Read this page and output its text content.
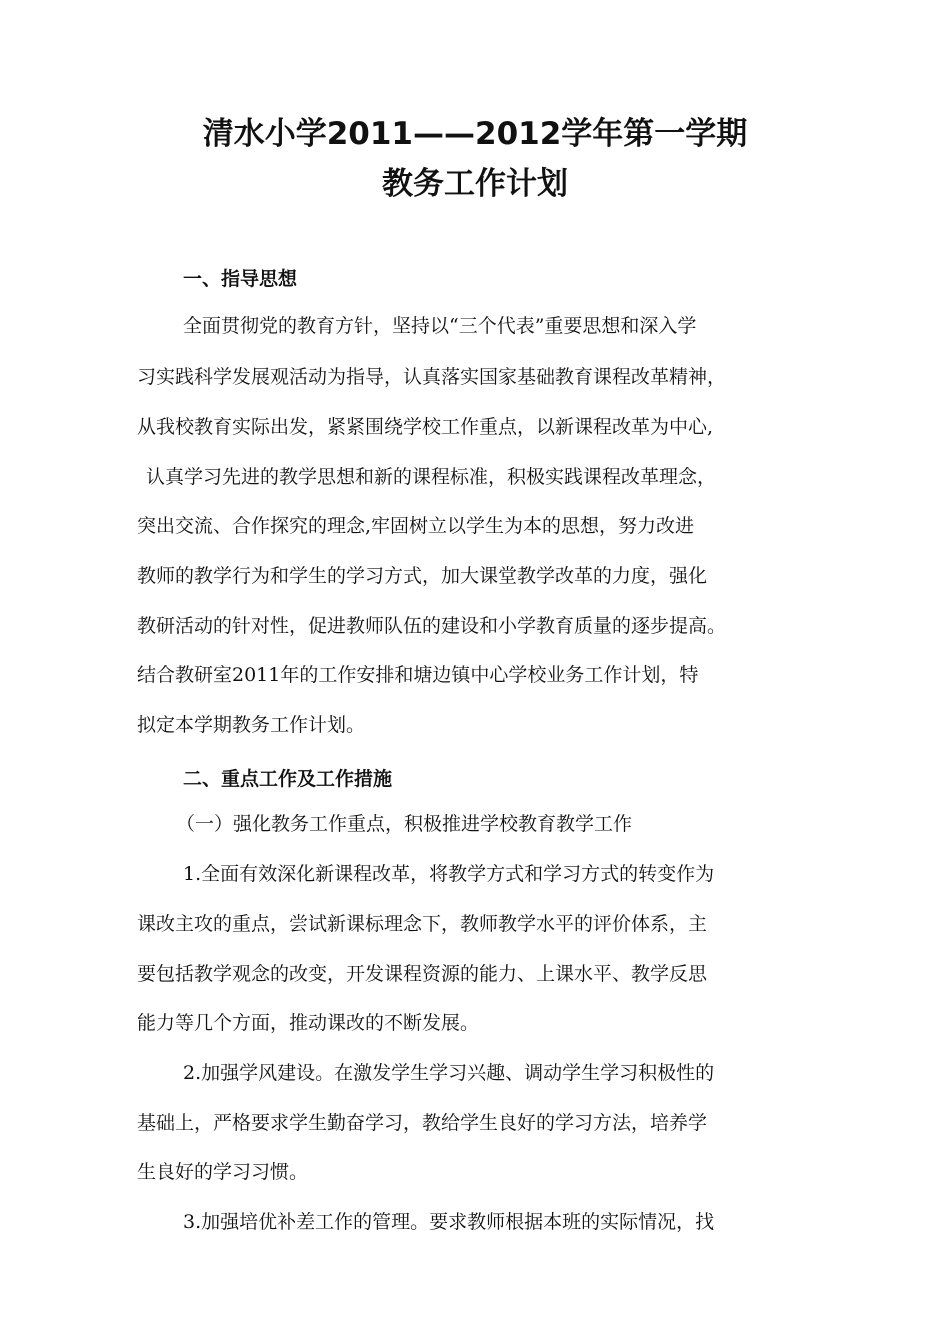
清水小学2011——2012学年第一学期
教务工作计划
一、指导思想
全面贯彻党的教育方针，坚持以“三个代表”重要思想和深入学
习实践科学发展观活动为指导，认真落实国家基础教育课程改革精神，
从我校教育实际出发，紧紧围绕学校工作重点，以新课程改革为中心,
认真学习先进的教学思想和新的课程标准，积极实践课程改革理念，
突出交流、合作探究的理念,牢固树立以学生为本的思想，努力改进
教师的教学行为和学生的学习方式，加大课堂教学改革的力度，强化
教研活动的针对性，促进教师队伍的建设和小学教育质量的逐步提高。
结合教研室2011年的工作安排和塘边镇中心学校业务工作计划，特
拟定本学期教务工作计划。
二、重点工作及工作措施
（一）强化教务工作重点，积极推进学校教育教学工作
1.全面有效深化新课程改革，将教学方式和学习方式的转变作为
课改主攻的重点，尝试新课标理念下，教师教学水平的评价体系，主
要包括教学观念的改变，开发课程资源的能力、上课水平、教学反思
能力等几个方面，推动课改的不断发展。
2.加强学风建设。在激发学生学习兴趣、调动学生学习积极性的
基础上，严格要求学生勤奋学习，教给学生良好的学习方法，培养学
生良好的学习习惯。
3.加强培优补差工作的管理。要求教师根据本班的实际情况，找
